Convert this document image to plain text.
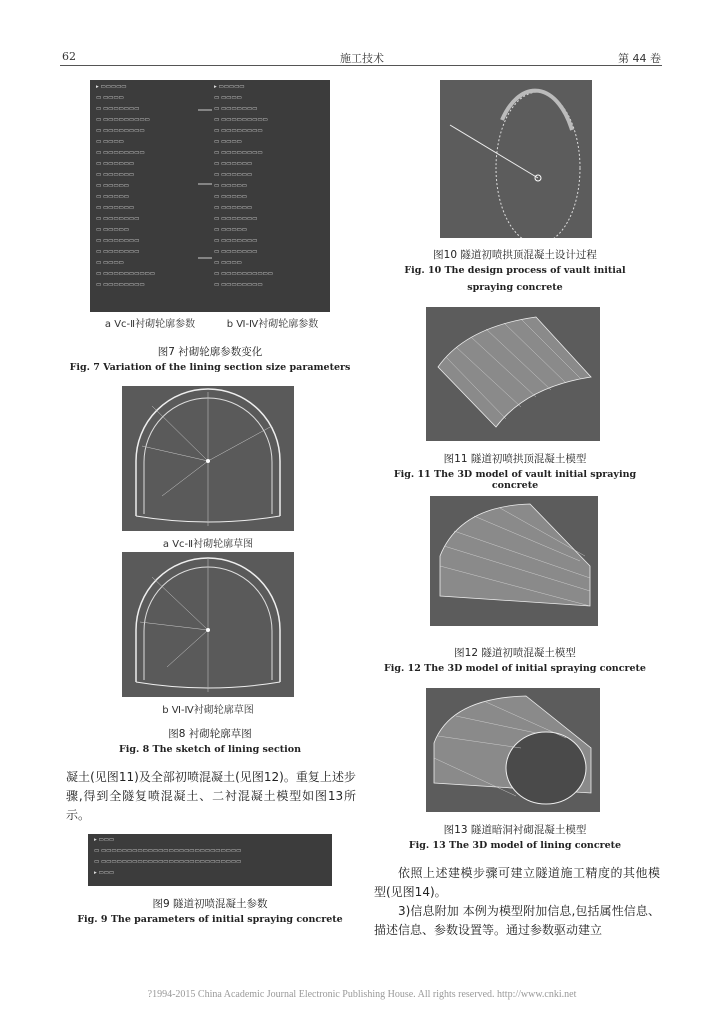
62	施工技术	第 44 卷
▸ ▭▭▭▭▭
▭ ▭▭▭▭
▭ ▭▭▭▭▭▭▭
▭ ▭▭▭▭▭▭▭▭▭
▭ ▭▭▭▭▭▭▭▭
▭ ▭▭▭▭
▭ ▭▭▭▭▭▭▭▭
▭ ▭▭▭▭▭▭
▭ ▭▭▭▭▭▭
▭ ▭▭▭▭▭
▭ ▭▭▭▭▭
▭ ▭▭▭▭▭▭
▭ ▭▭▭▭▭▭▭
▭ ▭▭▭▭▭
▭ ▭▭▭▭▭▭▭
▭ ▭▭▭▭▭▭▭
▭ ▭▭▭▭
▭ ▭▭▭▭▭▭▭▭▭▭
▭ ▭▭▭▭▭▭▭▭
▸ ▭▭▭▭▭
▭ ▭▭▭▭
▭ ▭▭▭▭▭▭▭
▭ ▭▭▭▭▭▭▭▭▭
▭ ▭▭▭▭▭▭▭▭
▭ ▭▭▭▭
▭ ▭▭▭▭▭▭▭▭
▭ ▭▭▭▭▭▭
▭ ▭▭▭▭▭▭
▭ ▭▭▭▭▭
▭ ▭▭▭▭▭
▭ ▭▭▭▭▭▭
▭ ▭▭▭▭▭▭▭
▭ ▭▭▭▭▭
▭ ▭▭▭▭▭▭▭
▭ ▭▭▭▭▭▭▭
▭ ▭▭▭▭
▭ ▭▭▭▭▭▭▭▭▭▭
▭ ▭▭▭▭▭▭▭▭
a Ⅴc-Ⅱ衬砌轮廓参数	b Ⅵ-Ⅳ衬砌轮廓参数
图7 衬砌轮廓参数变化
Fig. 7 Variation of the lining section size parameters
a Ⅴc-Ⅱ衬砌轮廓草图
b Ⅵ-Ⅳ衬砌轮廓草图
图8 衬砌轮廓草图
Fig. 8 The sketch of lining section
凝土(见图11)及全部初喷混凝土(见图12)。重复上述步骤,得到全隧复喷混凝土、二衬混凝土模型如图13所示。
▸ ▭▭▭
▭ ▭▭▭▭▭▭▭▭▭▭▭▭▭▭▭▭▭▭▭▭▭▭▭▭▭▭▭
▭ ▭▭▭▭▭▭▭▭▭▭▭▭▭▭▭▭▭▭▭▭▭▭▭▭▭▭▭
▸ ▭▭▭
图9 隧道初喷混凝土参数
Fig. 9 The parameters of initial spraying concrete
图10 隧道初喷拱顶混凝土设计过程
Fig. 10 The design process of vault initial
spraying concrete
图11 隧道初喷拱顶混凝土模型
Fig. 11 The 3D model of vault initial spraying concrete
图12 隧道初喷混凝土模型
Fig. 12 The 3D model of initial spraying concrete
图13 隧道暗洞衬砌混凝土模型
Fig. 13 The 3D model of lining concrete
依照上述建模步骤可建立隧道施工精度的其他模型(见图14)。
3)信息附加 本例为模型附加信息,包括属性信息、描述信息、参数设置等。通过参数驱动建立
?1994-2015 China Academic Journal Electronic Publishing House. All rights reserved. http://www.cnki.net
